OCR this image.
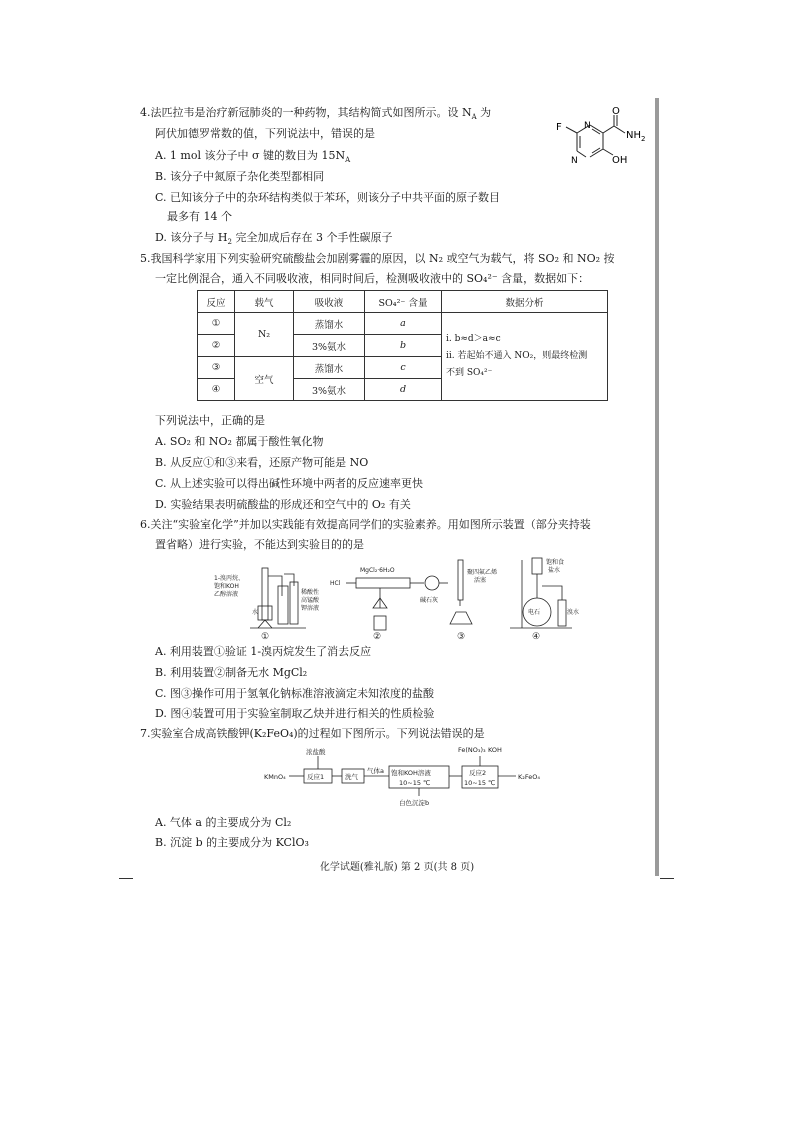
4.法匹拉韦是治疗新冠肺炎的一种药物，其结构简式如图所示。设 $N_A$ 为
阿伏加德罗常数的值，下列说法中，错误的是
A. 1 mol 该分子中 σ 键的数目为 $15N_A$
B. 该分子中氮原子杂化类型都相同
C. 已知该分子中的杂环结构类似于苯环，则该分子中共平面的原子数目
最多有 14 个
D. 该分子与 $H_2$ 完全加成后存在 3 个手性碳原子
F N
N
O
$NH_2$
OH
5.我国科学家用下列实验研究硫酸盐会加剧雾霾的原因，以 N₂ 或空气为载气，将 SO₂ 和 NO₂ 按
一定比例混合，通入不同吸收液，相同时间后，检测吸收液中的 SO₄²⁻ 含量，数据如下：
反应	载气	吸收液	SO₄²⁻ 含量	数据分析
①	N₂	蒸馏水	a	ⅰ. b≈d＞a≈c
ⅱ. 若起始不通入 NO₂，则最终检测
不到 SO₄²⁻

②		3%氨水	b	
③	空气	蒸馏水	c	
④		3%氨水	d	
下列说法中，正确的是
A. SO₂ 和 NO₂ 都属于酸性氧化物
B. 从反应①和③来看，还原产物可能是 NO
C. 从上述实验可以得出碱性环境中两者的反应速率更快
D. 实验结果表明硫酸盐的形成还和空气中的 O₂ 有关
6.关注“实验室化学”并加以实践能有效提高同学们的实验素养。用如图所示装置（部分夹持装
置省略）进行实验，不能达到实验目的的是
1-溴丙烷、
饱和KOH
乙醇溶液
水
稀酸性
高锰酸
钾溶液
HCl
MgCl₂·6H₂O
碱石灰
聚四氟乙烯
活塞
饱和食
盐水
电石	溴水
①	②	③	④
A. 利用装置①验证 1-溴丙烷发生了消去反应
B. 利用装置②制备无水 MgCl₂
C. 图③操作可用于氢氧化钠标准溶液滴定未知浓度的盐酸
D. 图④装置可用于实验室制取乙炔并进行相关的性质检验
7.实验室合成高铁酸钾(K₂FeO₄)的过程如下图所示。下列说法错误的是
浓盐酸
KMnO₄	反应1	洗气
气体a 饱和KOH溶液
10~15 ℃
白色沉淀b
Fe(NO₃)₃ KOH
反应2
10~15 ℃
K₂FeO₄
A. 气体 a 的主要成分为 Cl₂
B. 沉淀 b 的主要成分为 KClO₃
化学试题(雅礼版) 第 2 页(共 8 页)
